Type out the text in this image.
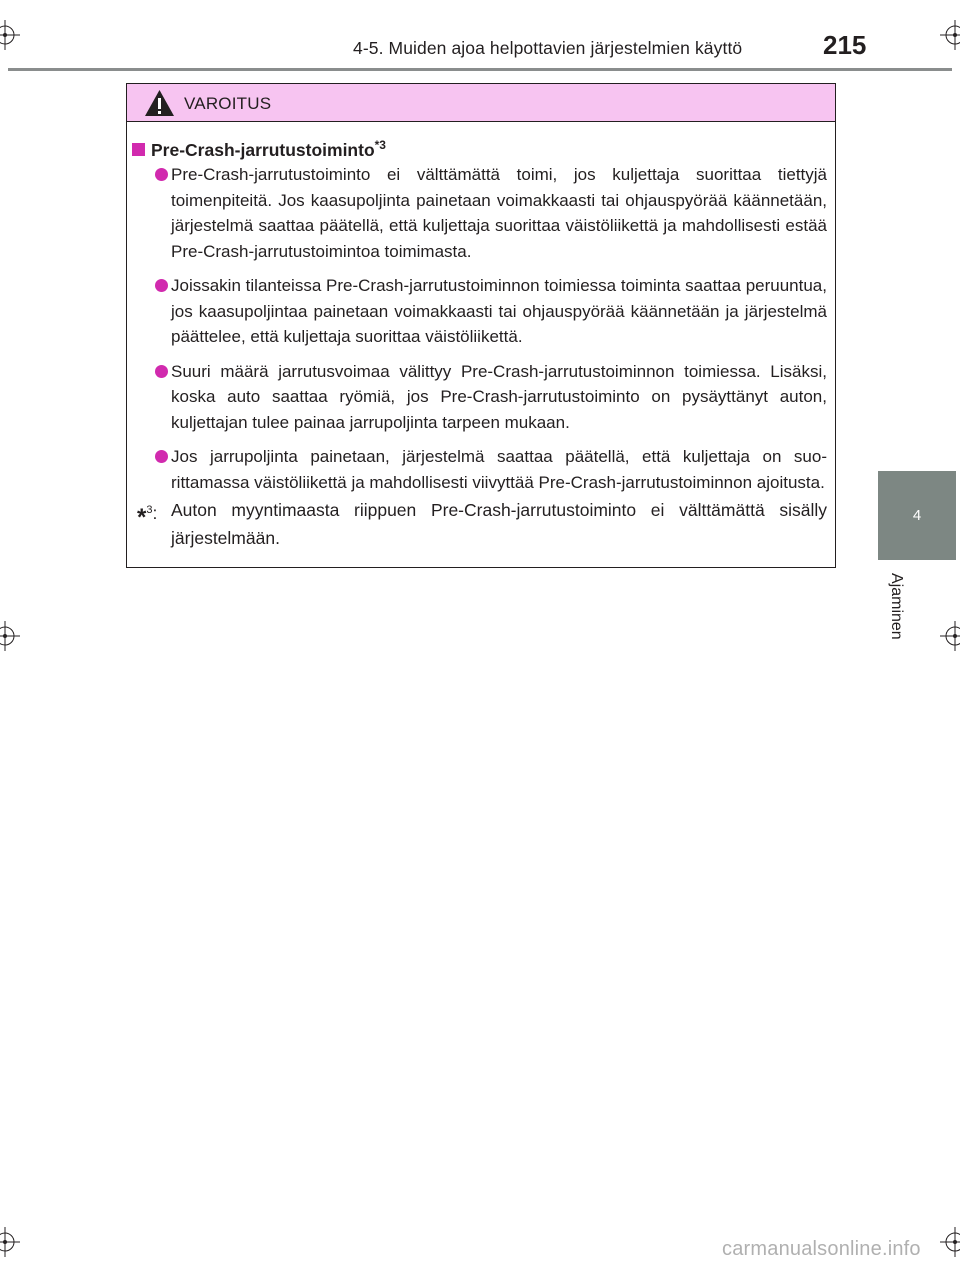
4-5. Muiden ajoa helpottavien järjestelmien käyttö	215
4
Ajaminen
VAROITUS
Pre-Crash-jarrutustoiminto$^{*3}$
Pre-Crash-jarrutustoiminto ei välttämättä toimi, jos kuljettaja suorittaa tiettyjä toimenpiteitä. Jos kaasupoljinta painetaan voimakkaasti tai ohjauspyörää käännetään, järjestelmä saattaa päätellä, että kuljettaja suorittaa väistöliikettä ja mahdollisesti estää Pre-Crash-jarrutustoimintoa toimimasta.
Joissakin tilanteissa Pre-Crash-jarrutustoiminnon toimiessa toiminta saattaa peruuntua, jos kaasupoljintaa painetaan voimakkaasti tai ohjauspyörää käännetään ja järjestelmä päättelee, että kuljettaja suorittaa väistöliikettä.
Suuri määrä jarrutusvoimaa välittyy Pre-Crash-jarrutustoiminnon toimiessa. Lisäksi, koska auto saattaa ryömiä, jos Pre-Crash-jarrutustoiminto on pysäyttänyt auton, kuljettajan tulee painaa jarrupoljinta tarpeen mukaan.
Jos jarrupoljinta painetaan, järjestelmä saattaa päätellä, että kuljettaja on suorittamassa väistöliikettä ja mahdollisesti viivyttää Pre-Crash-jarrutustoiminnon ajoitusta.
*$^3$: Auton myyntimaasta riippuen Pre-Crash-jarrutustoiminto ei välttämättä sisälly järjestelmään.
carmanualsonline.info
